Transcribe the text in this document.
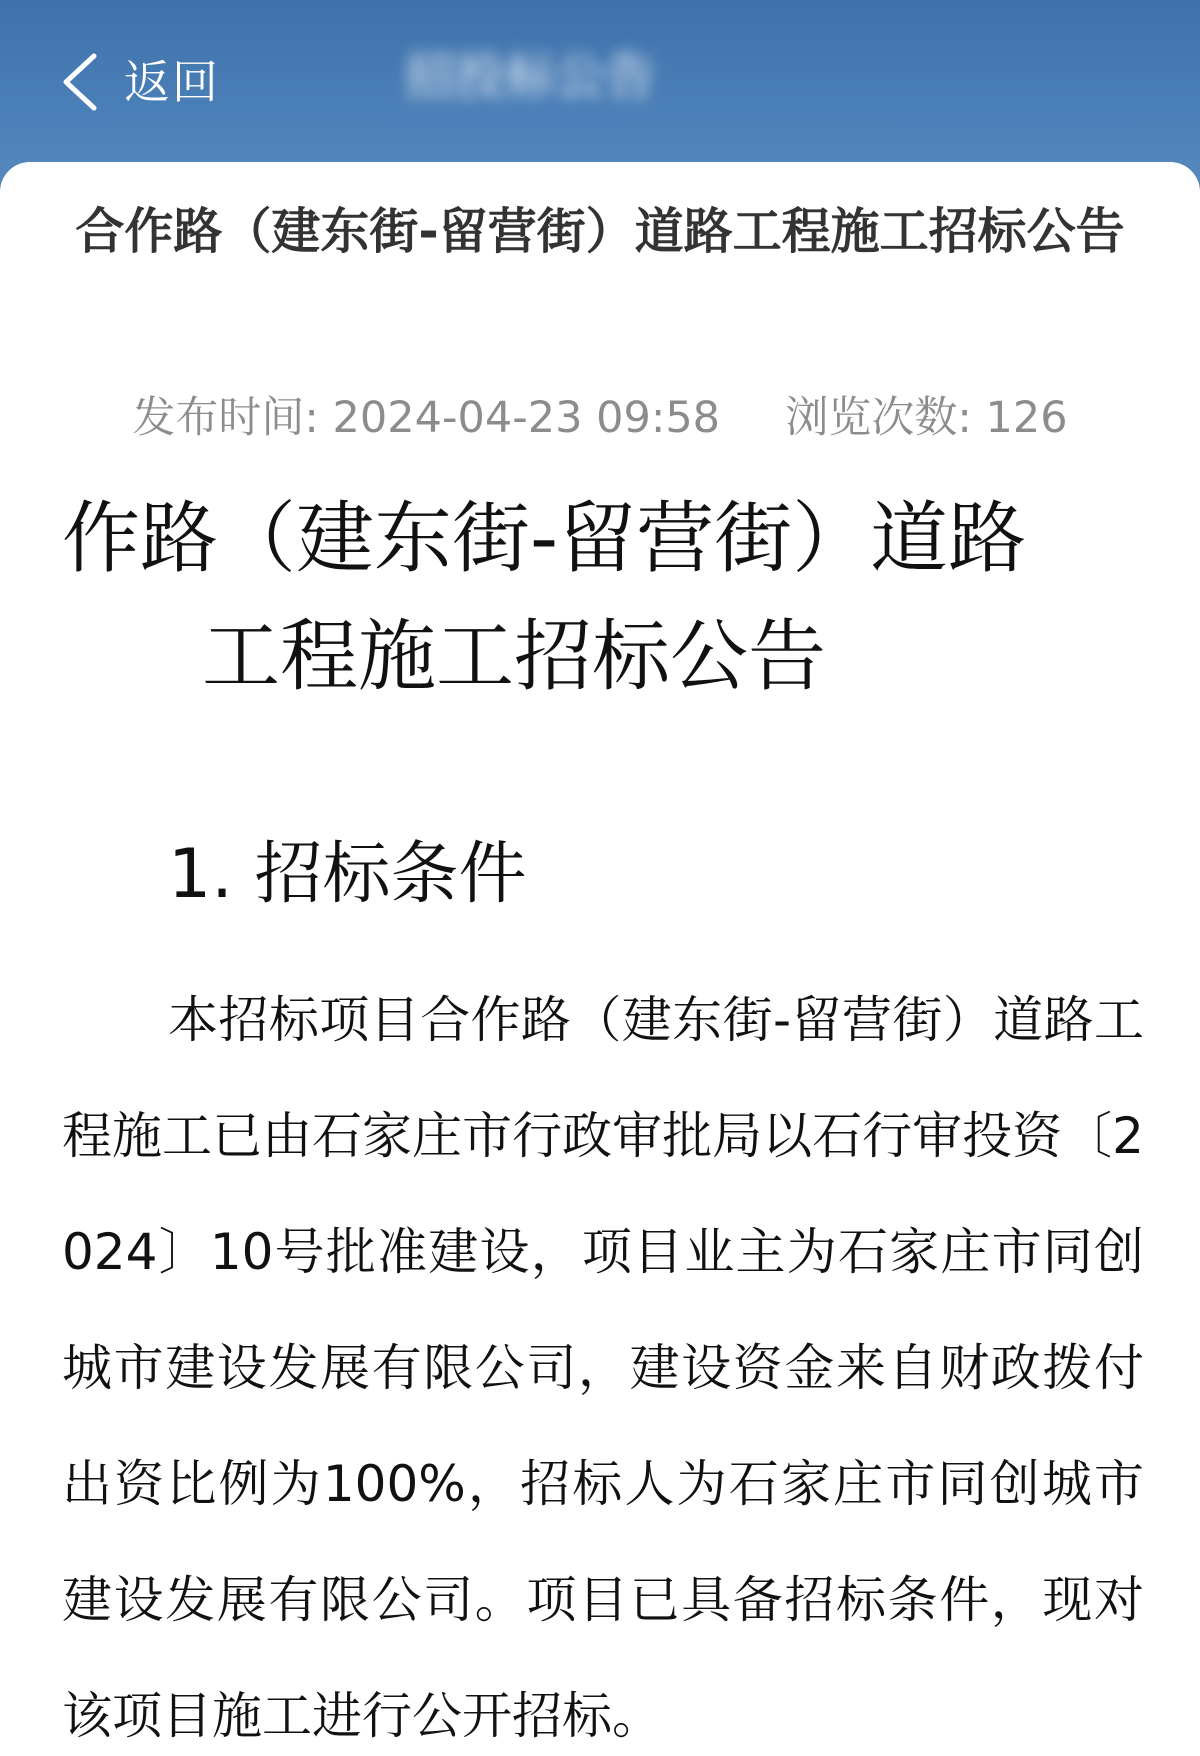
返回	招投标公告
合作路（建东街-留营街）道路工程施工招标公告
发布时间: 2024-04-23 09:58 浏览次数: 126
作路（建东街-留营街）道路
工程施工招标公告
1. 招标条件
本招标项目合作路（建东街-留营街）道路工程施工已由石家庄市行政审批局以石行审投资〔2024〕10号批准建设，项目业主为石家庄市同创城市建设发展有限公司，建设资金来自财政拨付出资比例为100%，招标人为石家庄市同创城市建设发展有限公司。项目已具备招标条件，现对该项目施工进行公开招标。
